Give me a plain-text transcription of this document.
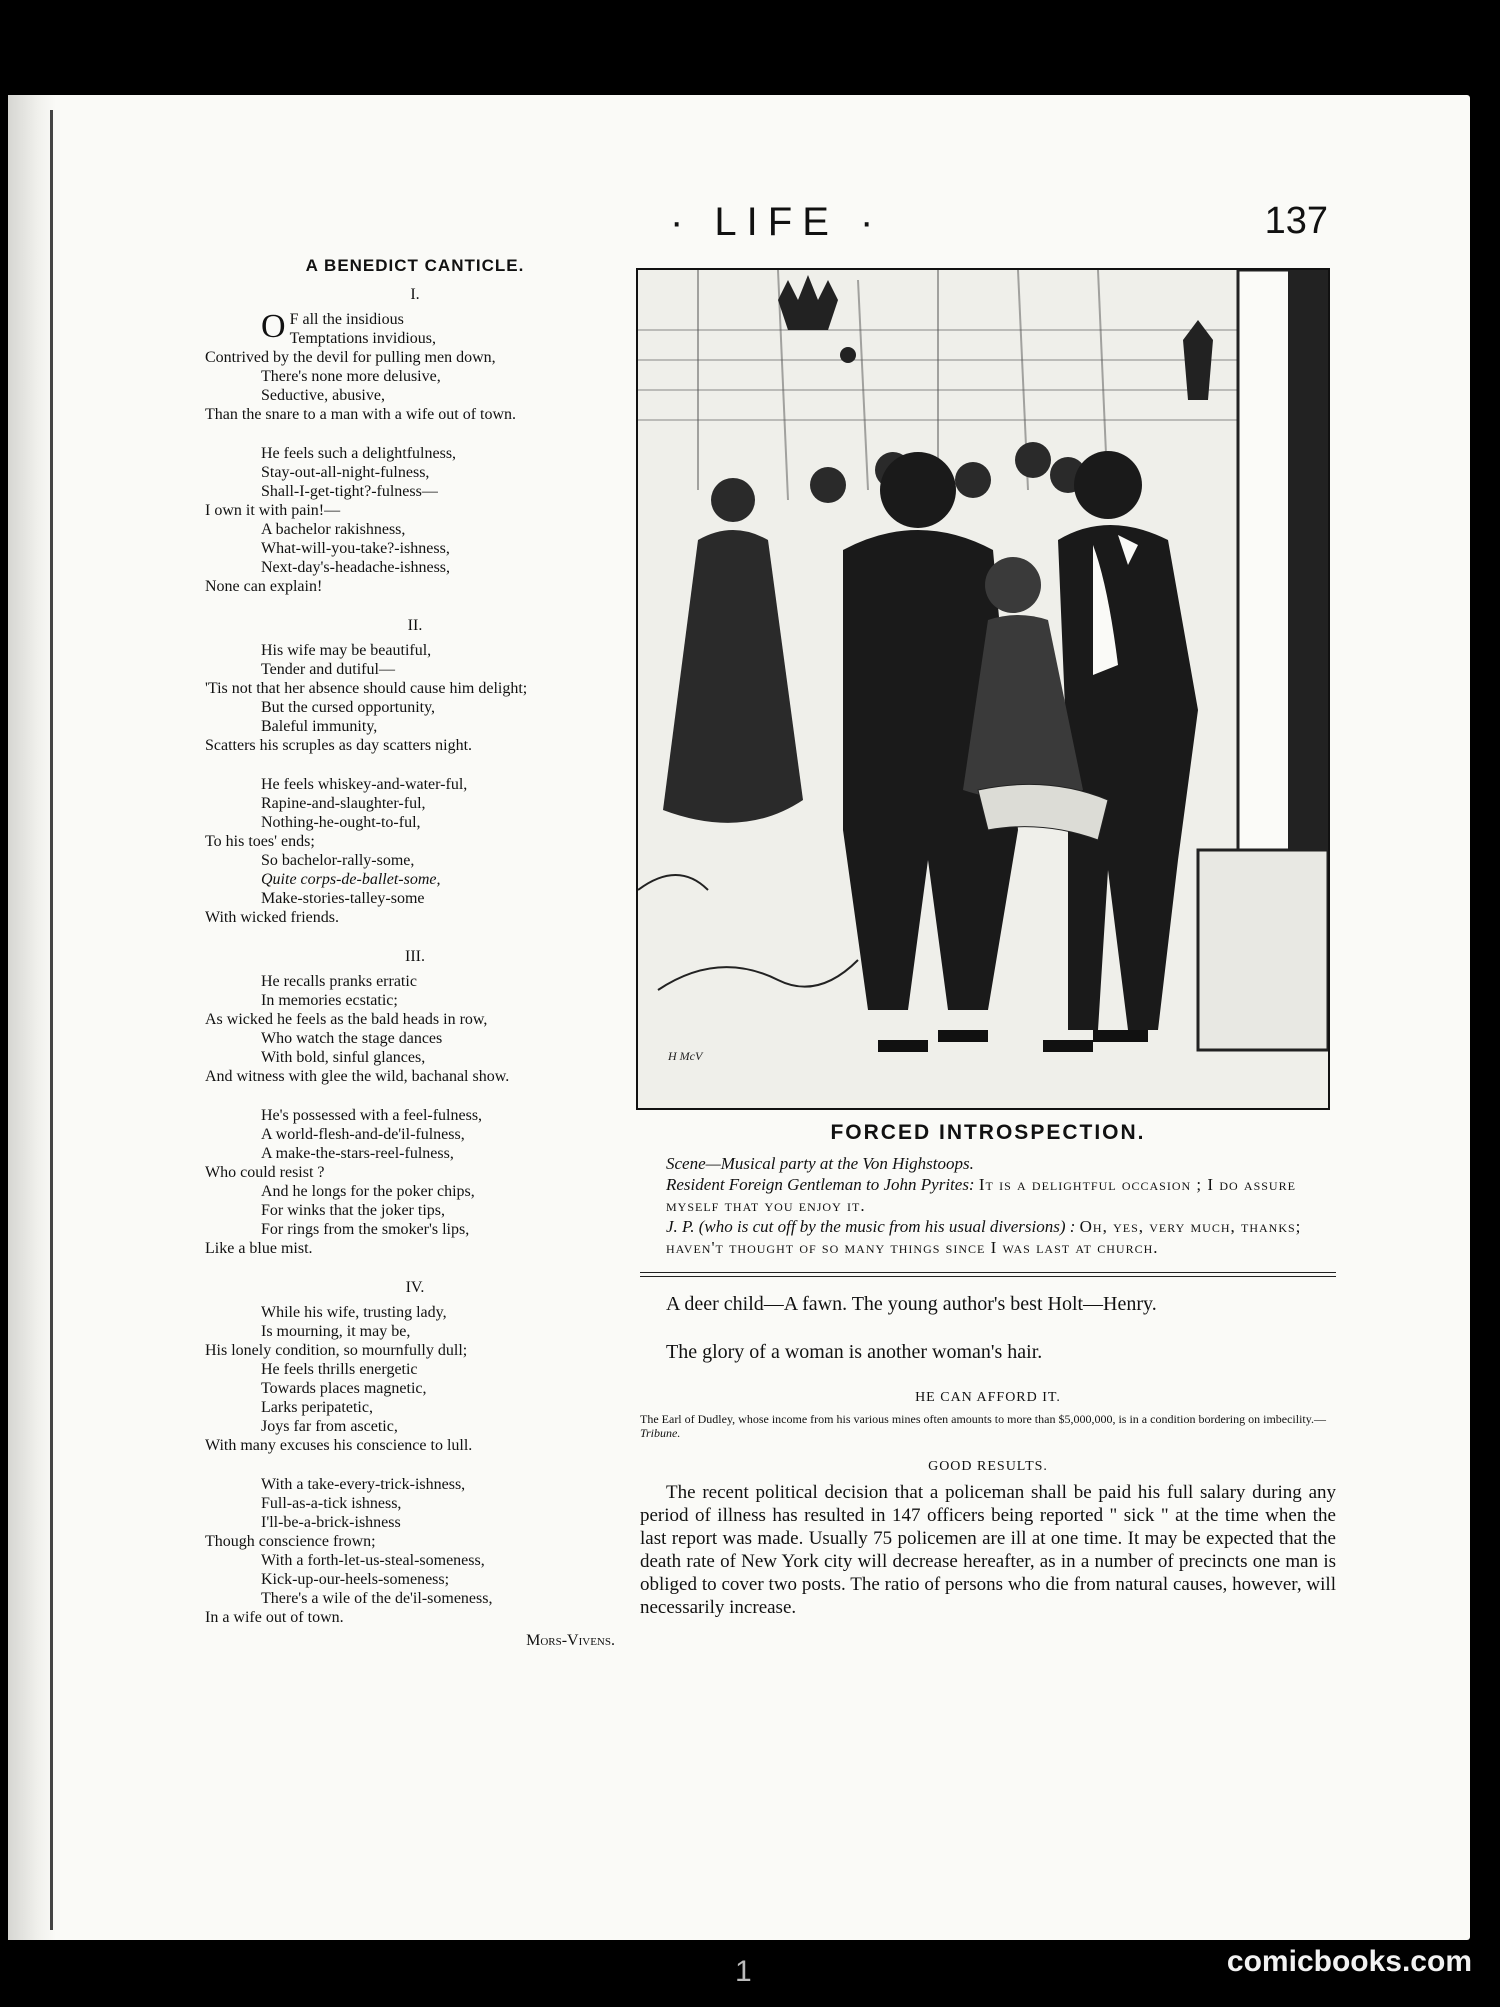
· LIFE ·	137
A BENEDICT CANTICLE.
I.
O F all the insidious
Temptations invidious,
Contrived by the devil for pulling men down,
There's none more delusive,
Seductive, abusive,
Than the snare to a man with a wife out of town.
He feels such a delightfulness,
Stay-out-all-night-fulness,
Shall-I-get-tight?-fulness—
I own it with pain!—
A bachelor rakishness,
What-will-you-take?-ishness,
Next-day's-headache-ishness,
None can explain!
II.
His wife may be beautiful,
Tender and dutiful—
'Tis not that her absence should cause him delight;
But the cursed opportunity,
Baleful immunity,
Scatters his scruples as day scatters night.
He feels whiskey-and-water-ful,
Rapine-and-slaughter-ful,
Nothing-he-ought-to-ful,
To his toes' ends;
So bachelor-rally-some,
Quite corps-de-ballet-some,
Make-stories-talley-some
With wicked friends.
III.
He recalls pranks erratic
In memories ecstatic;
As wicked he feels as the bald heads in row,
Who watch the stage dances
With bold, sinful glances,
And witness with glee the wild, bachanal show.
He's possessed with a feel-fulness,
A world-flesh-and-de'il-fulness,
A make-the-stars-reel-fulness,
Who could resist ?
And he longs for the poker chips,
For winks that the joker tips,
For rings from the smoker's lips,
Like a blue mist.
IV.
While his wife, trusting lady,
Is mourning, it may be,
His lonely condition, so mournfully dull;
He feels thrills energetic
Towards places magnetic,
Larks peripatetic,
Joys far from ascetic,
With many excuses his conscience to lull.
With a take-every-trick-ishness,
Full-as-a-tick ishness,
I'll-be-a-brick-ishness
Though conscience frown;
With a forth-let-us-steal-someness,
Kick-up-our-heels-someness;
There's a wile of the de'il-someness,
In a wife out of town.
Mors-Vivens.
H McV
FORCED INTROSPECTION.
Scene—Musical party at the Von Highstoops.
Resident Foreign Gentleman to John Pyrites: It is a delightful occasion ; I do assure myself that you enjoy it.
J. P. (who is cut off by the music from his usual diversions) : Oh, yes, very much, thanks; haven't thought of so many things since I was last at church.
A deer child—A fawn. The young author's best Holt—Henry.
The glory of a woman is another woman's hair.
HE CAN AFFORD IT.
The Earl of Dudley, whose income from his various mines often amounts to more than $5,000,000, is in a condition bordering on imbecility.—Tribune.
GOOD RESULTS.
The recent political decision that a policeman shall be paid his full salary during any period of illness has resulted in 147 officers being reported " sick " at the time when the last report was made. Usually 75 policemen are ill at one time. It may be expected that the death rate of New York city will decrease hereafter, as in a number of precincts one man is obliged to cover two posts. The ratio of persons who die from natural causes, however, will necessarily increase.
1	comicbooks.com
